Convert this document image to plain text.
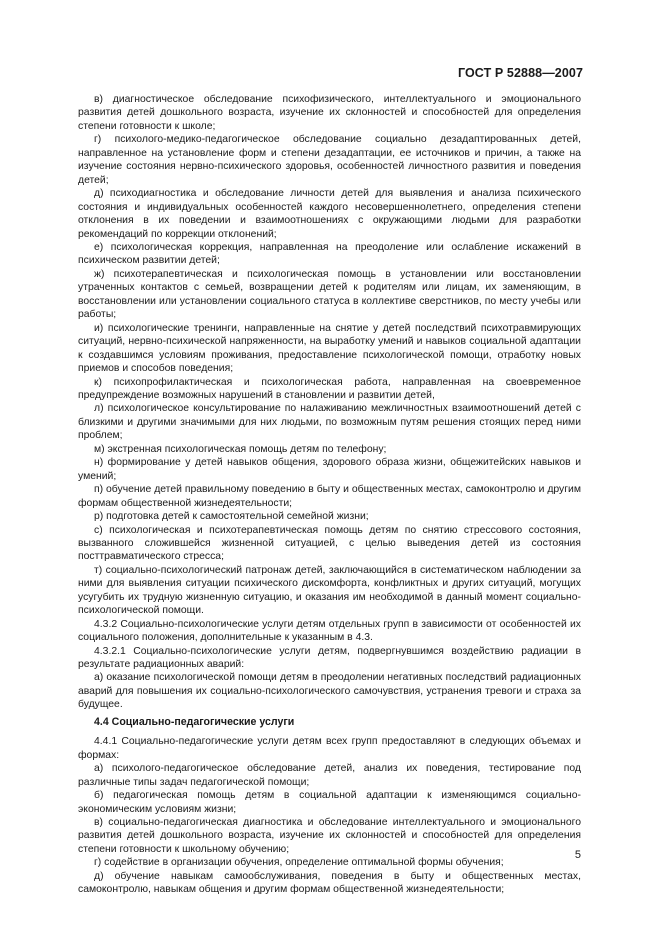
ГОСТ Р 52888—2007

в) диагностическое обследование психофизического, интеллектуального и эмоционального развития детей дошкольного возраста, изучение их склонностей и способностей для определения степени готовности к школе;

г) психолого-медико-педагогическое обследование социально дезадаптированных детей, направленное на установление форм и степени дезадаптации, ее источников и причин, а также на изучение состояния нервно-психического здоровья, особенностей личностного развития и поведения детей;

д) психодиагностика и обследование личности детей для выявления и анализа психического состояния и индивидуальных особенностей каждого несовершеннолетнего, определения степени отклонения в их поведении и взаимоотношениях с окружающими людьми для разработки рекомендаций по коррекции отклонений;

е) психологическая коррекция, направленная на преодоление или ослабление искажений в психическом развитии детей;

ж) психотерапевтическая и психологическая помощь в установлении или восстановлении утраченных контактов с семьей, возвращении детей к родителям или лицам, их заменяющим, в восстановлении или установлении социального статуса в коллективе сверстников, по месту учебы или работы;

и) психологические тренинги, направленные на снятие у детей последствий психотравмирующих ситуаций, нервно-психической напряженности, на выработку умений и навыков социальной адаптации к создавшимся условиям проживания, предоставление психологической помощи, отработку новых приемов и способов поведения;

к) психопрофилактическая и психологическая работа, направленная на своевременное предупреждение возможных нарушений в становлении и развитии детей,

л) психологическое консультирование по налаживанию межличностных взаимоотношений детей с близкими и другими значимыми для них людьми, по возможным путям решения стоящих перед ними проблем;

м) экстренная психологическая помощь детям по телефону;

н) формирование у детей навыков общения, здорового образа жизни, общежитейских навыков и умений;

п) обучение детей правильному поведению в быту и общественных местах, самоконтролю и другим формам общественной жизнедеятельности;

р) подготовка детей к самостоятельной семейной жизни;

с) психологическая и психотерапевтическая помощь детям по снятию стрессового состояния, вызванного сложившейся жизненной ситуацией, с целью выведения детей из состояния посттравматического стресса;

т) социально-психологический патронаж детей, заключающийся в систематическом наблюдении за ними для выявления ситуации психического дискомфорта, конфликтных и других ситуаций, могущих усугубить их трудную жизненную ситуацию, и оказания им необходимой в данный момент социально-психологической помощи.

4.3.2 Социально-психологические услуги детям отдельных групп в зависимости от особенностей их социального положения, дополнительные к указанным в 4.3.

4.3.2.1 Социально-психологические услуги детям, подвергнувшимся воздействию радиации в результате радиационных аварий:

а) оказание психологической помощи детям в преодолении негативных последствий радиационных аварий для повышения их социально-психологического самочувствия, устранения тревоги и страха за будущее.

4.4 Социально-педагогические услуги

4.4.1 Социально-педагогические услуги детям всех групп предоставляют в следующих объемах и формах:

а) психолого-педагогическое обследование детей, анализ их поведения, тестирование под различные типы задач педагогической помощи;

б) педагогическая помощь детям в социальной адаптации к изменяющимся социально-экономическим условиям жизни;

в) социально-педагогическая диагностика и обследование интеллектуального и эмоционального развития детей дошкольного возраста, изучение их склонностей и способностей для определения степени готовности к школьному обучению;

г) содействие в организации обучения, определение оптимальной формы обучения;

д) обучение навыкам самообслуживания, поведения в быту и общественных местах, самоконтролю, навыкам общения и другим формам общественной жизнедеятельности;

5
